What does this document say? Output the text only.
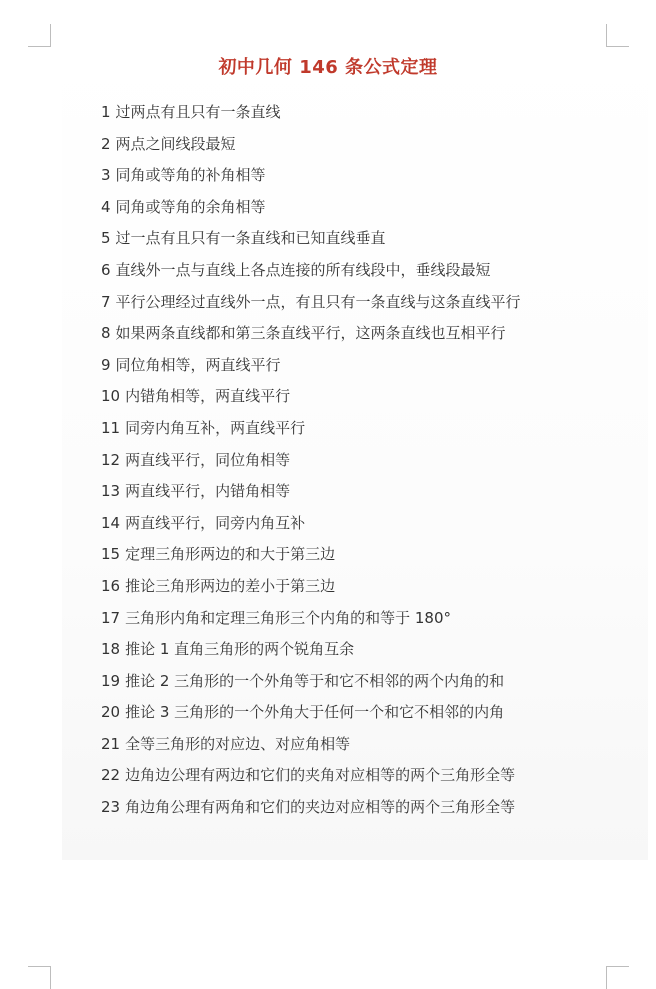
初中几何 146 条公式定理
1 过两点有且只有一条直线
2 两点之间线段最短
3 同角或等角的补角相等
4 同角或等角的余角相等
5 过一点有且只有一条直线和已知直线垂直
6 直线外一点与直线上各点连接的所有线段中，垂线段最短
7 平行公理经过直线外一点，有且只有一条直线与这条直线平行
8 如果两条直线都和第三条直线平行，这两条直线也互相平行
9 同位角相等，两直线平行
10 内错角相等，两直线平行
11 同旁内角互补，两直线平行
12 两直线平行，同位角相等
13 两直线平行，内错角相等
14 两直线平行，同旁内角互补
15 定理三角形两边的和大于第三边
16 推论三角形两边的差小于第三边
17 三角形内角和定理三角形三个内角的和等于 180°
18 推论 1 直角三角形的两个锐角互余
19 推论 2 三角形的一个外角等于和它不相邻的两个内角的和
20 推论 3 三角形的一个外角大于任何一个和它不相邻的内角
21 全等三角形的对应边、对应角相等
22 边角边公理有两边和它们的夹角对应相等的两个三角形全等
23 角边角公理有两角和它们的夹边对应相等的两个三角形全等
